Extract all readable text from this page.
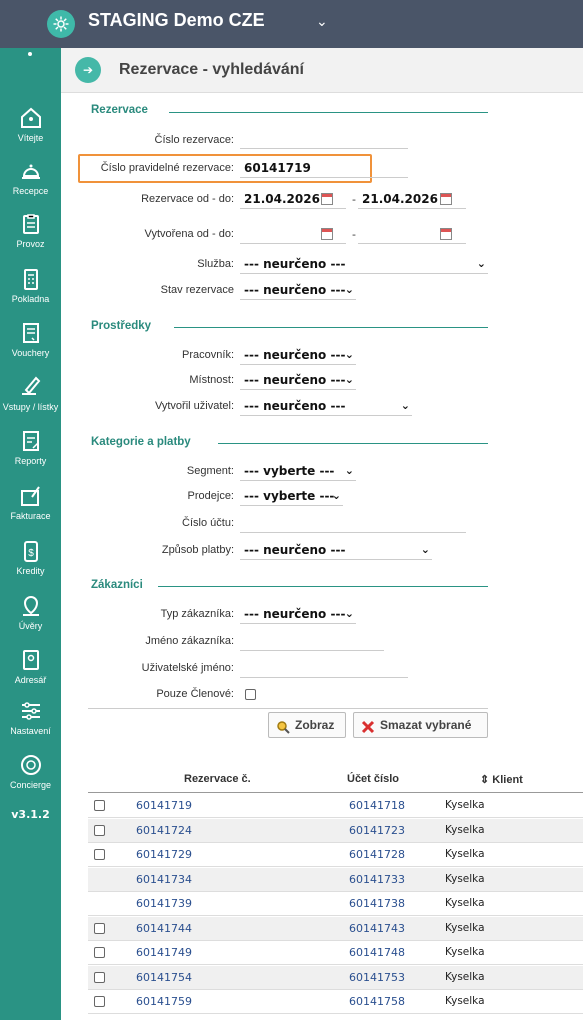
Vítejte
Recepce
Provoz
Pokladna
Vouchery
Vstupy / lístky
Reporty
Fakturace
$
Kredity
Úvěry
Adresář
Nastavení
Concierge
v3.1.2
STAGING Demo CZE	⌄
➔	Rezervace - vyhledávání
Rezervace
Číslo rezervace:
Číslo pravidelné rezervace: 60141719
Rezervace od - do: 21.04.2026	- 21.04.2026
Vytvořena od - do:	-
Služba: --- neurčeno ---	⌄
Stav rezervace --- neurčeno --- ⌄
Prostředky
Pracovník: --- neurčeno --- ⌄
Místnost: --- neurčeno --- ⌄
Vytvořil uživatel: --- neurčeno ---	⌄
Kategorie a platby
Segment: --- vyberte --- ⌄
Prodejce: --- vyberte ---
⌄
Číslo účtu:
Způsob platby: --- neurčeno ---	⌄
Zákazníci
Typ zákazníka: --- neurčeno --- ⌄
Jméno zákazníka:
Uživatelské jméno:
Pouze Členové:
Zobraz	Smazat vybrané
Rezervace č.	Účet číslo	⇕ Klient
60141719	60141718	Kyselka
60141724	60141723	Kyselka
60141729	60141728	Kyselka
60141734	60141733	Kyselka
60141739	60141738	Kyselka
60141744	60141743	Kyselka
60141749	60141748	Kyselka
60141754	60141753	Kyselka
60141759	60141758	Kyselka
